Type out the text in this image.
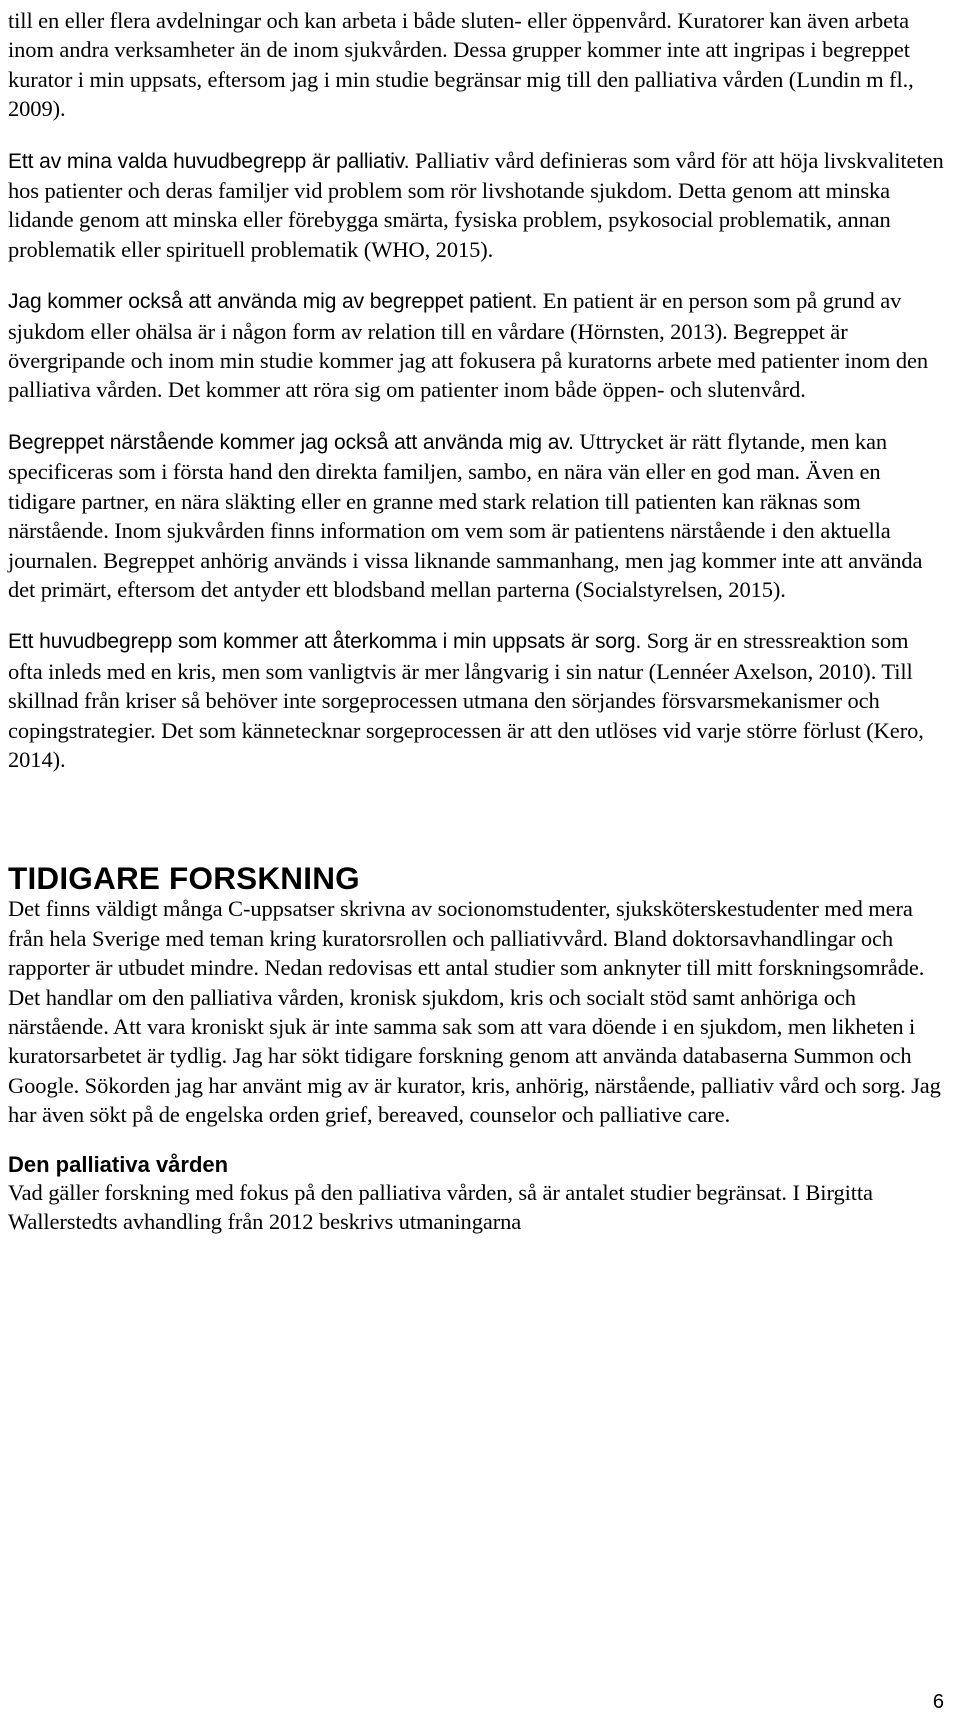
till en eller flera avdelningar och kan arbeta i både sluten- eller öppenvård. Kuratorer kan även arbeta inom andra verksamheter än de inom sjukvården. Dessa grupper kommer inte att ingripas i begreppet kurator i min uppsats, eftersom jag i min studie begränsar mig till den palliativa vården (Lundin m fl., 2009).

Ett av mina valda huvudbegrepp är palliativ. Palliativ vård definieras som vård för att höja livskvaliteten hos patienter och deras familjer vid problem som rör livshotande sjukdom. Detta genom att minska lidande genom att minska eller förebygga smärta, fysiska problem, psykosocial problematik, annan problematik eller spirituell problematik (WHO, 2015).

Jag kommer också att använda mig av begreppet patient. En patient är en person som på grund av sjukdom eller ohälsa är i någon form av relation till en vårdare (Hörnsten, 2013). Begreppet är övergripande och inom min studie kommer jag att fokusera på kuratorns arbete med patienter inom den palliativa vården. Det kommer att röra sig om patienter inom både öppen- och slutenvård.

Begreppet närstående kommer jag också att använda mig av. Uttrycket är rätt flytande, men kan specificeras som i första hand den direkta familjen, sambo, en nära vän eller en god man. Även en tidigare partner, en nära släkting eller en granne med stark relation till patienten kan räknas som närstående. Inom sjukvården finns information om vem som är patientens närstående i den aktuella journalen. Begreppet anhörig används i vissa liknande sammanhang, men jag kommer inte att använda det primärt, eftersom det antyder ett blodsband mellan parterna (Socialstyrelsen, 2015).

Ett huvudbegrepp som kommer att återkomma i min uppsats är sorg. Sorg är en stressreaktion som ofta inleds med en kris, men som vanligtvis är mer långvarig i sin natur (Lennéer Axelson, 2010). Till skillnad från kriser så behöver inte sorgeprocessen utmana den sörjandes försvarsmekanismer och copingstrategier. Det som kännetecknar sorgeprocessen är att den utlöses vid varje större förlust (Kero, 2014).

TIDIGARE FORSKNING

Det finns väldigt många C-uppsatser skrivna av socionomstudenter, sjuksköterskestudenter med mera från hela Sverige med teman kring kuratorsrollen och palliativvård. Bland doktorsavhandlingar och rapporter är utbudet mindre. Nedan redovisas ett antal studier som anknyter till mitt forskningsområde. Det handlar om den palliativa vården, kronisk sjukdom, kris och socialt stöd samt anhöriga och närstående. Att vara kroniskt sjuk är inte samma sak som att vara döende i en sjukdom, men likheten i kuratorsarbetet är tydlig. Jag har sökt tidigare forskning genom att använda databaserna Summon och Google. Sökorden jag har använt mig av är kurator, kris, anhörig, närstående, palliativ vård och sorg. Jag har även sökt på de engelska orden grief, bereaved, counselor och palliative care.

Den palliativa vården

Vad gäller forskning med fokus på den palliativa vården, så är antalet studier begränsat. I Birgitta Wallerstedts avhandling från 2012 beskrivs utmaningarna

6
